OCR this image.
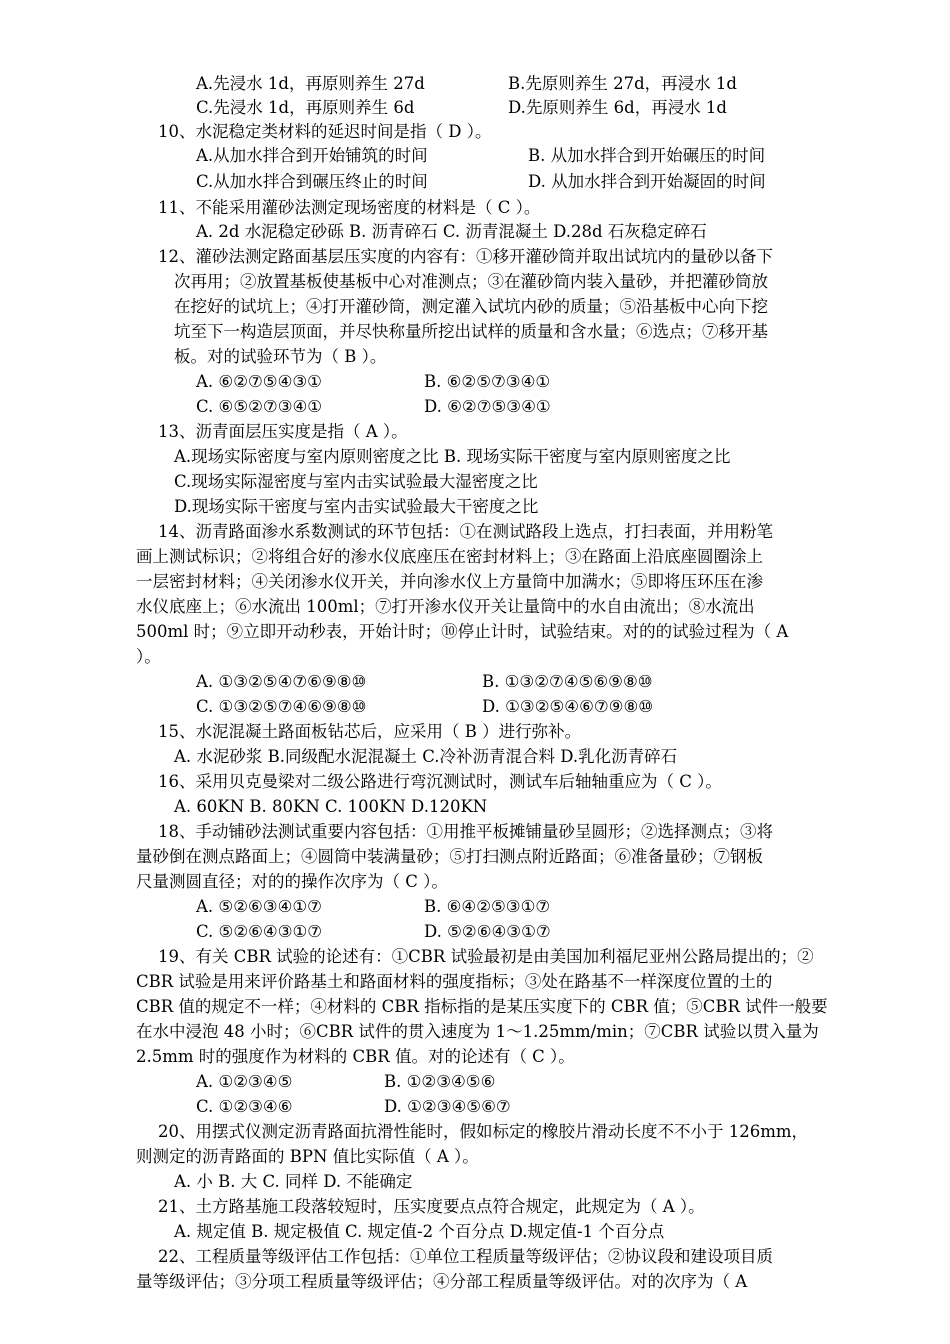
A.先浸水 1d，再原则养生 27d	B.先原则养生 27d，再浸水 1d
C.先浸水 1d，再原则养生 6d	D.先原则养生 6d，再浸水 1d
10、水泥稳定类材料的延迟时间是指（ D ）。
A.从加水拌合到开始铺筑的时间	B. 从加水拌合到开始碾压的时间
C.从加水拌合到碾压终止的时间	D. 从加水拌合到开始凝固的时间
11、不能采用灌砂法测定现场密度的材料是（ C ）。
A. 2d 水泥稳定砂砾 B. 沥青碎石 C. 沥青混凝土 D.28d 石灰稳定碎石
12、灌砂法测定路面基层压实度的内容有：①移开灌砂筒并取出试坑内的量砂以备下
次再用；②放置基板使基板中心对准测点；③在灌砂筒内装入量砂，并把灌砂筒放
在挖好的试坑上；④打开灌砂筒，测定灌入试坑内砂的质量；⑤沿基板中心向下挖
坑至下一构造层顶面，并尽快称量所挖出试样的质量和含水量；⑥选点；⑦移开基
板。对的试验环节为（ B ）。
A. ⑥②⑦⑤④③①	B. ⑥②⑤⑦③④①
C. ⑥⑤②⑦③④①	D. ⑥②⑦⑤③④①
13、沥青面层压实度是指（ A ）。
A.现场实际密度与室内原则密度之比 B. 现场实际干密度与室内原则密度之比
C.现场实际湿密度与室内击实试验最大湿密度之比
D.现场实际干密度与室内击实试验最大干密度之比
14、沥青路面渗水系数测试的环节包括：①在测试路段上选点，打扫表面，并用粉笔
画上测试标识；②将组合好的渗水仪底座压在密封材料上；③在路面上沿底座圆圈涂上
一层密封材料；④关闭渗水仪开关，并向渗水仪上方量筒中加满水；⑤即将压环压在渗
水仪底座上；⑥水流出 100ml；⑦打开渗水仪开关让量筒中的水自由流出；⑧水流出
500ml 时；⑨立即开动秒表，开始计时；⑩停止计时，试验结束。对的的试验过程为（ A
）。
A. ①③②⑤④⑦⑥⑨⑧⑩	B. ①③②⑦④⑤⑥⑨⑧⑩
C. ①③②⑤⑦④⑥⑨⑧⑩	D. ①③②⑤④⑥⑦⑨⑧⑩
15、水泥混凝土路面板钻芯后，应采用（ B ）进行弥补。
A. 水泥砂浆 B.同级配水泥混凝土 C.冷补沥青混合料 D.乳化沥青碎石
16、采用贝克曼梁对二级公路进行弯沉测试时，测试车后轴轴重应为（ C ）。
A. 60KN B. 80KN C. 100KN D.120KN
18、手动铺砂法测试重要内容包括：①用推平板摊铺量砂呈圆形；②选择测点；③将
量砂倒在测点路面上；④圆筒中装满量砂；⑤打扫测点附近路面；⑥准备量砂；⑦钢板
尺量测圆直径；对的的操作次序为（ C ）。
A. ⑤②⑥③④①⑦	B. ⑥④②⑤③①⑦
C. ⑤②⑥④③①⑦	D. ⑤②⑥④③①⑦
19、有关 CBR 试验的论述有：①CBR 试验最初是由美国加利福尼亚州公路局提出的；②
CBR 试验是用来评价路基土和路面材料的强度指标；③处在路基不一样深度位置的土的
CBR 值的规定不一样；④材料的 CBR 指标指的是某压实度下的 CBR 值；⑤CBR 试件一般要
在水中浸泡 48 小时；⑥CBR 试件的贯入速度为 1～1.25mm/min；⑦CBR 试验以贯入量为
2.5mm 时的强度作为材料的 CBR 值。对的论述有（ C ）。
A. ①②③④⑤	B. ①②③④⑤⑥
C. ①②③④⑥	D. ①②③④⑤⑥⑦
20、用摆式仪测定沥青路面抗滑性能时，假如标定的橡胶片滑动长度不不小于 126mm，
则测定的沥青路面的 BPN 值比实际值（ A ）。
A. 小 B. 大 C. 同样 D. 不能确定
21、土方路基施工段落较短时，压实度要点点符合规定，此规定为（ A ）。
A. 规定值 B. 规定极值 C. 规定值-2 个百分点 D.规定值-1 个百分点
22、工程质量等级评估工作包括：①单位工程质量等级评估；②协议段和建设项目质
量等级评估；③分项工程质量等级评估；④分部工程质量等级评估。对的次序为（ A
